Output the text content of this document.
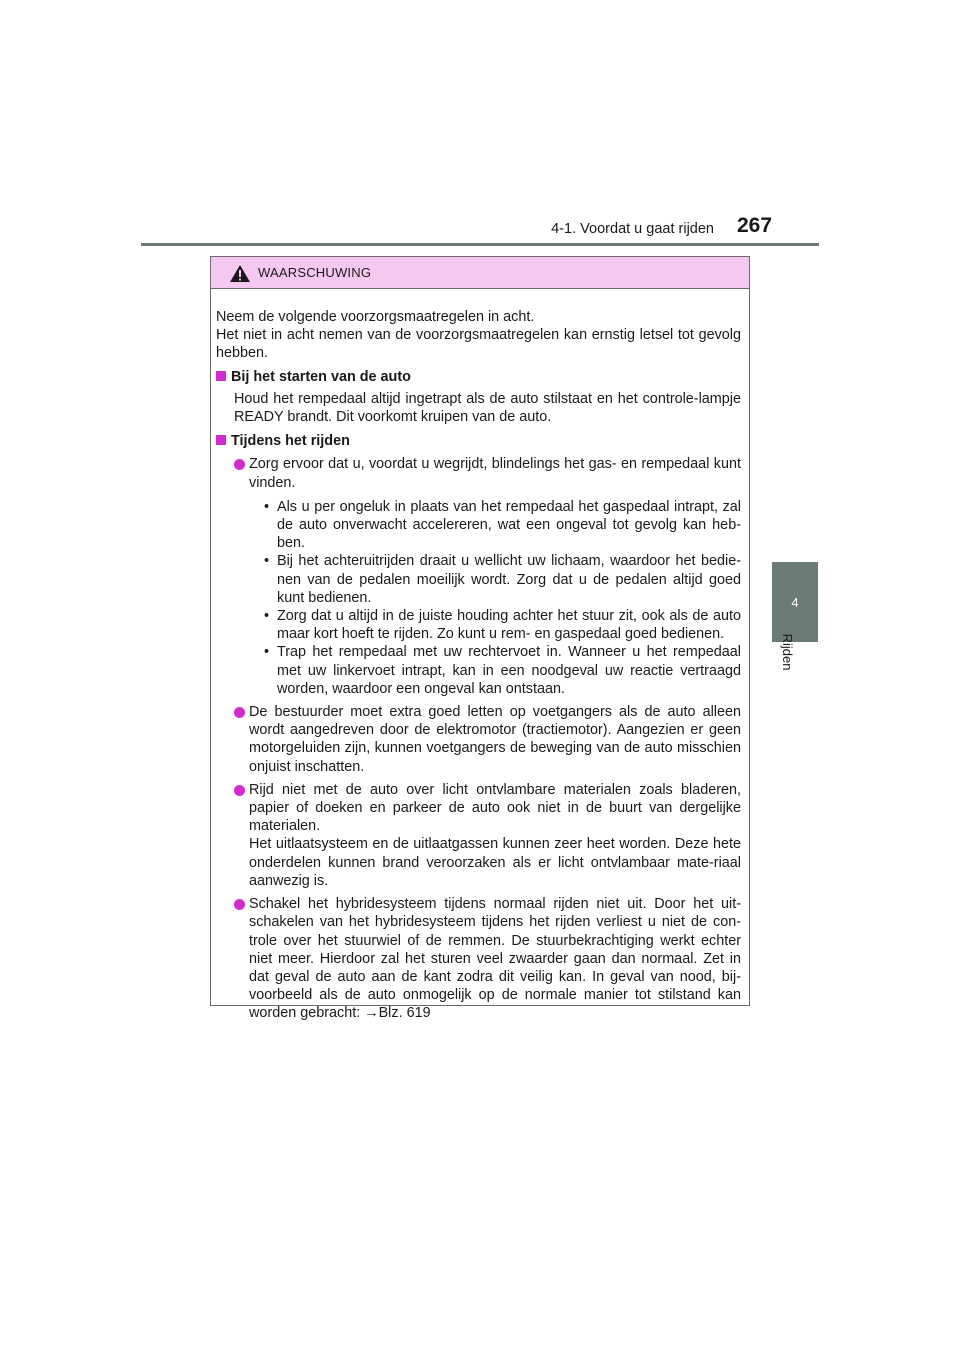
4-1. Voordat u gaat rijden 267
4
Rijden
WAARSCHUWING

Neem de volgende voorzorgsmaatregelen in acht.

Het niet in acht nemen van de voorzorgsmaatregelen kan ernstig letsel tot gevolg hebben.

Bij het starten van de auto

Houd het rempedaal altijd ingetrapt als de auto stilstaat en het controle-lampje READY brandt. Dit voorkomt kruipen van de auto.

Tijdens het rijden

Zorg ervoor dat u, voordat u wegrijdt, blindelings het gas- en rempedaal kunt vinden.

• Als u per ongeluk in plaats van het rempedaal het gaspedaal intrapt, zal de auto onverwacht accelereren, wat een ongeval tot gevolg kan heb-ben.
• Bij het achteruitrijden draait u wellicht uw lichaam, waardoor het bedie-nen van de pedalen moeilijk wordt. Zorg dat u de pedalen altijd goed kunt bedienen.
• Zorg dat u altijd in de juiste houding achter het stuur zit, ook als de auto maar kort hoeft te rijden. Zo kunt u rem- en gaspedaal goed bedienen.
• Trap het rempedaal met uw rechtervoet in. Wanneer u het rempedaal met uw linkervoet intrapt, kan in een noodgeval uw reactie vertraagd worden, waardoor een ongeval kan ontstaan.

De bestuurder moet extra goed letten op voetgangers als de auto alleen wordt aangedreven door de elektromotor (tractiemotor). Aangezien er geen motorgeluiden zijn, kunnen voetgangers de beweging van de auto misschien onjuist inschatten.

Rijd niet met de auto over licht ontvlambare materialen zoals bladeren, papier of doeken en parkeer de auto ook niet in de buurt van dergelijke materialen.

Het uitlaatsysteem en de uitlaatgassen kunnen zeer heet worden. Deze hete onderdelen kunnen brand veroorzaken als er licht ontvlambaar mate-riaal aanwezig is.

Schakel het hybridesysteem tijdens normaal rijden niet uit. Door het uit-schakelen van het hybridesysteem tijdens het rijden verliest u niet de con-trole over het stuurwiel of de remmen. De stuurbekrachtiging werkt echter niet meer. Hierdoor zal het sturen veel zwaarder gaan dan normaal. Zet in dat geval de auto aan de kant zodra dit veilig kan. In geval van nood, bij-voorbeeld als de auto onmogelijk op de normale manier tot stilstand kan worden gebracht: →Blz. 619
